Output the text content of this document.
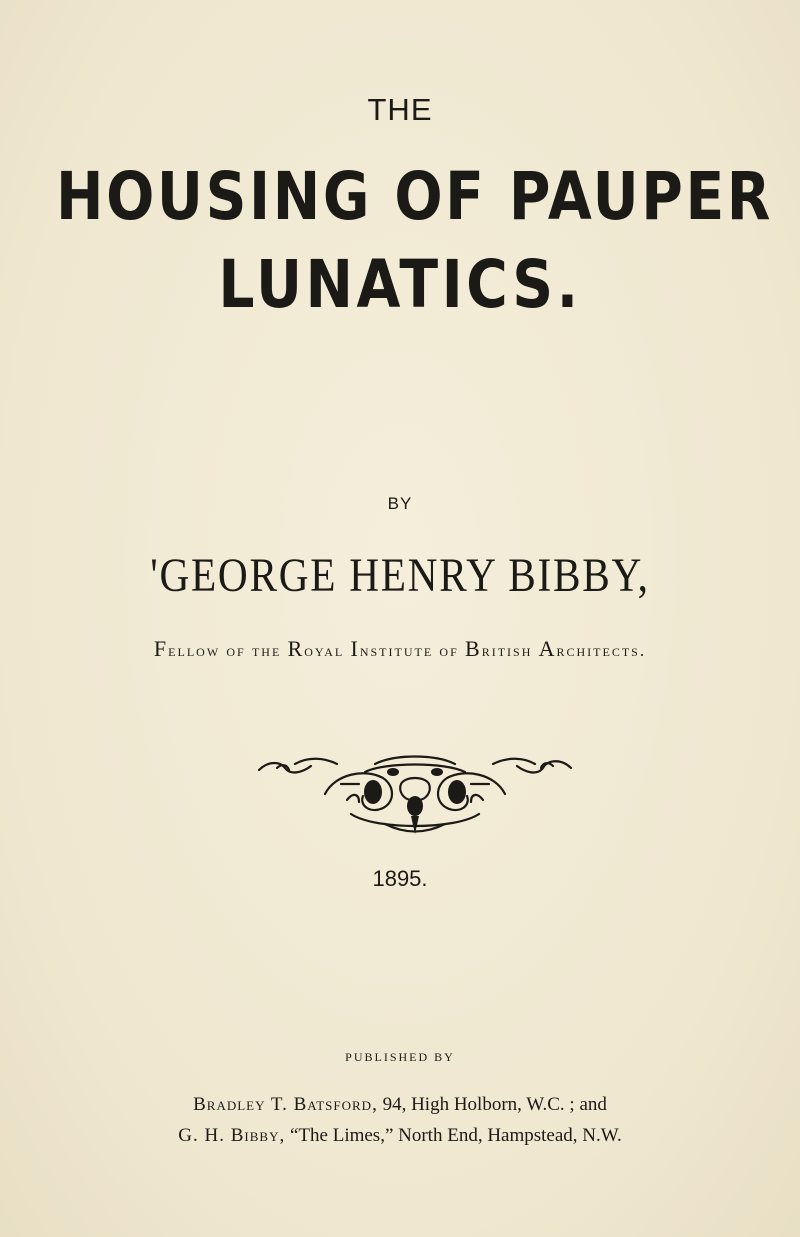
THE
HOUSING OF PAUPER
LUNATICS.
BY
'GEORGE HENRY BIBBY,
Fellow of the Royal Institute of British Architects.
1895.
PUBLISHED BY
Bradley T. Batsford, 94, High Holborn, W.C. ; and
G. H. Bibby, “The Limes,” North End, Hampstead, N.W.
